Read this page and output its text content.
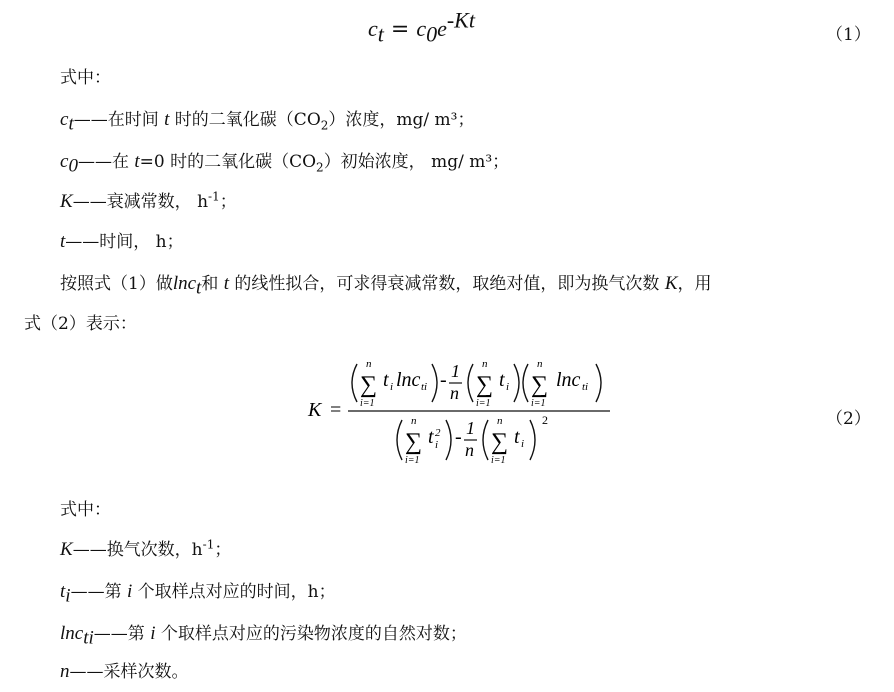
$c_t = c_0e^{-Kt}$
（1）
式中：
$c_t——$在时间 t 时的二氧化碳$(CO_2)$浓度，mg/ m³；
$c_0——$在 t=0 时的二氧化碳$(CO_2)$初始浓度， mg/ m³；
K——衰减常数， $h^{-1}$；
t——时间， h；
按照式（1）做lnc$_t$和 t 的线性拟合，可求得衰减常数，取绝对值，即为换气次数 K，用
式（2）表示：
K =
∑
n
i=1
t i lnc ti - 1
n ∑
n
i=1
t i ∑
n
i=1
lnc ti
∑
n
i=1
t 2
i - 1
n ∑
n
i=1
t i
2	（2）
式中：
K——换气次数，$h^{-1}$；
$t_i——$第 i 个取样点对应的时间，h；
lnc$_{ti}$——第 i 个取样点对应的污染物浓度的自然对数；
n——采样次数。
